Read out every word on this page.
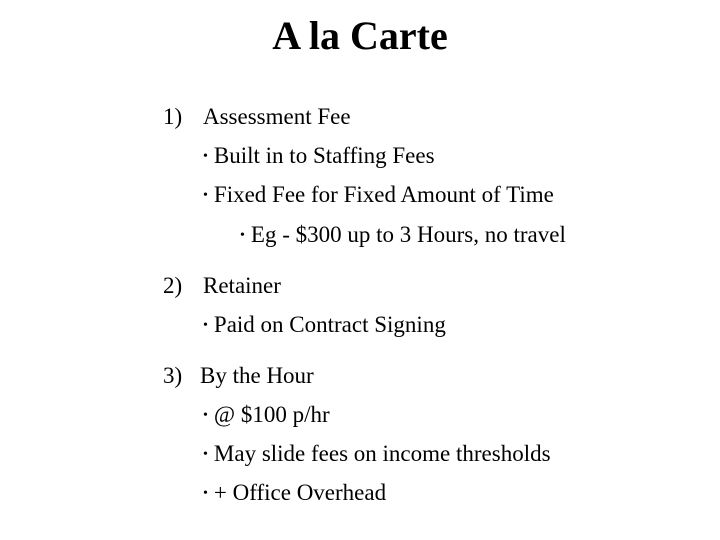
A la Carte
1) Assessment Fee
• Built in to Staffing Fees
• Fixed Fee for Fixed Amount of Time
• Eg - $300 up to 3 Hours, no travel
2) Retainer
• Paid on Contract Signing
3) By the Hour
• @ $100 p/hr
• May slide fees on income thresholds
• + Office Overhead
